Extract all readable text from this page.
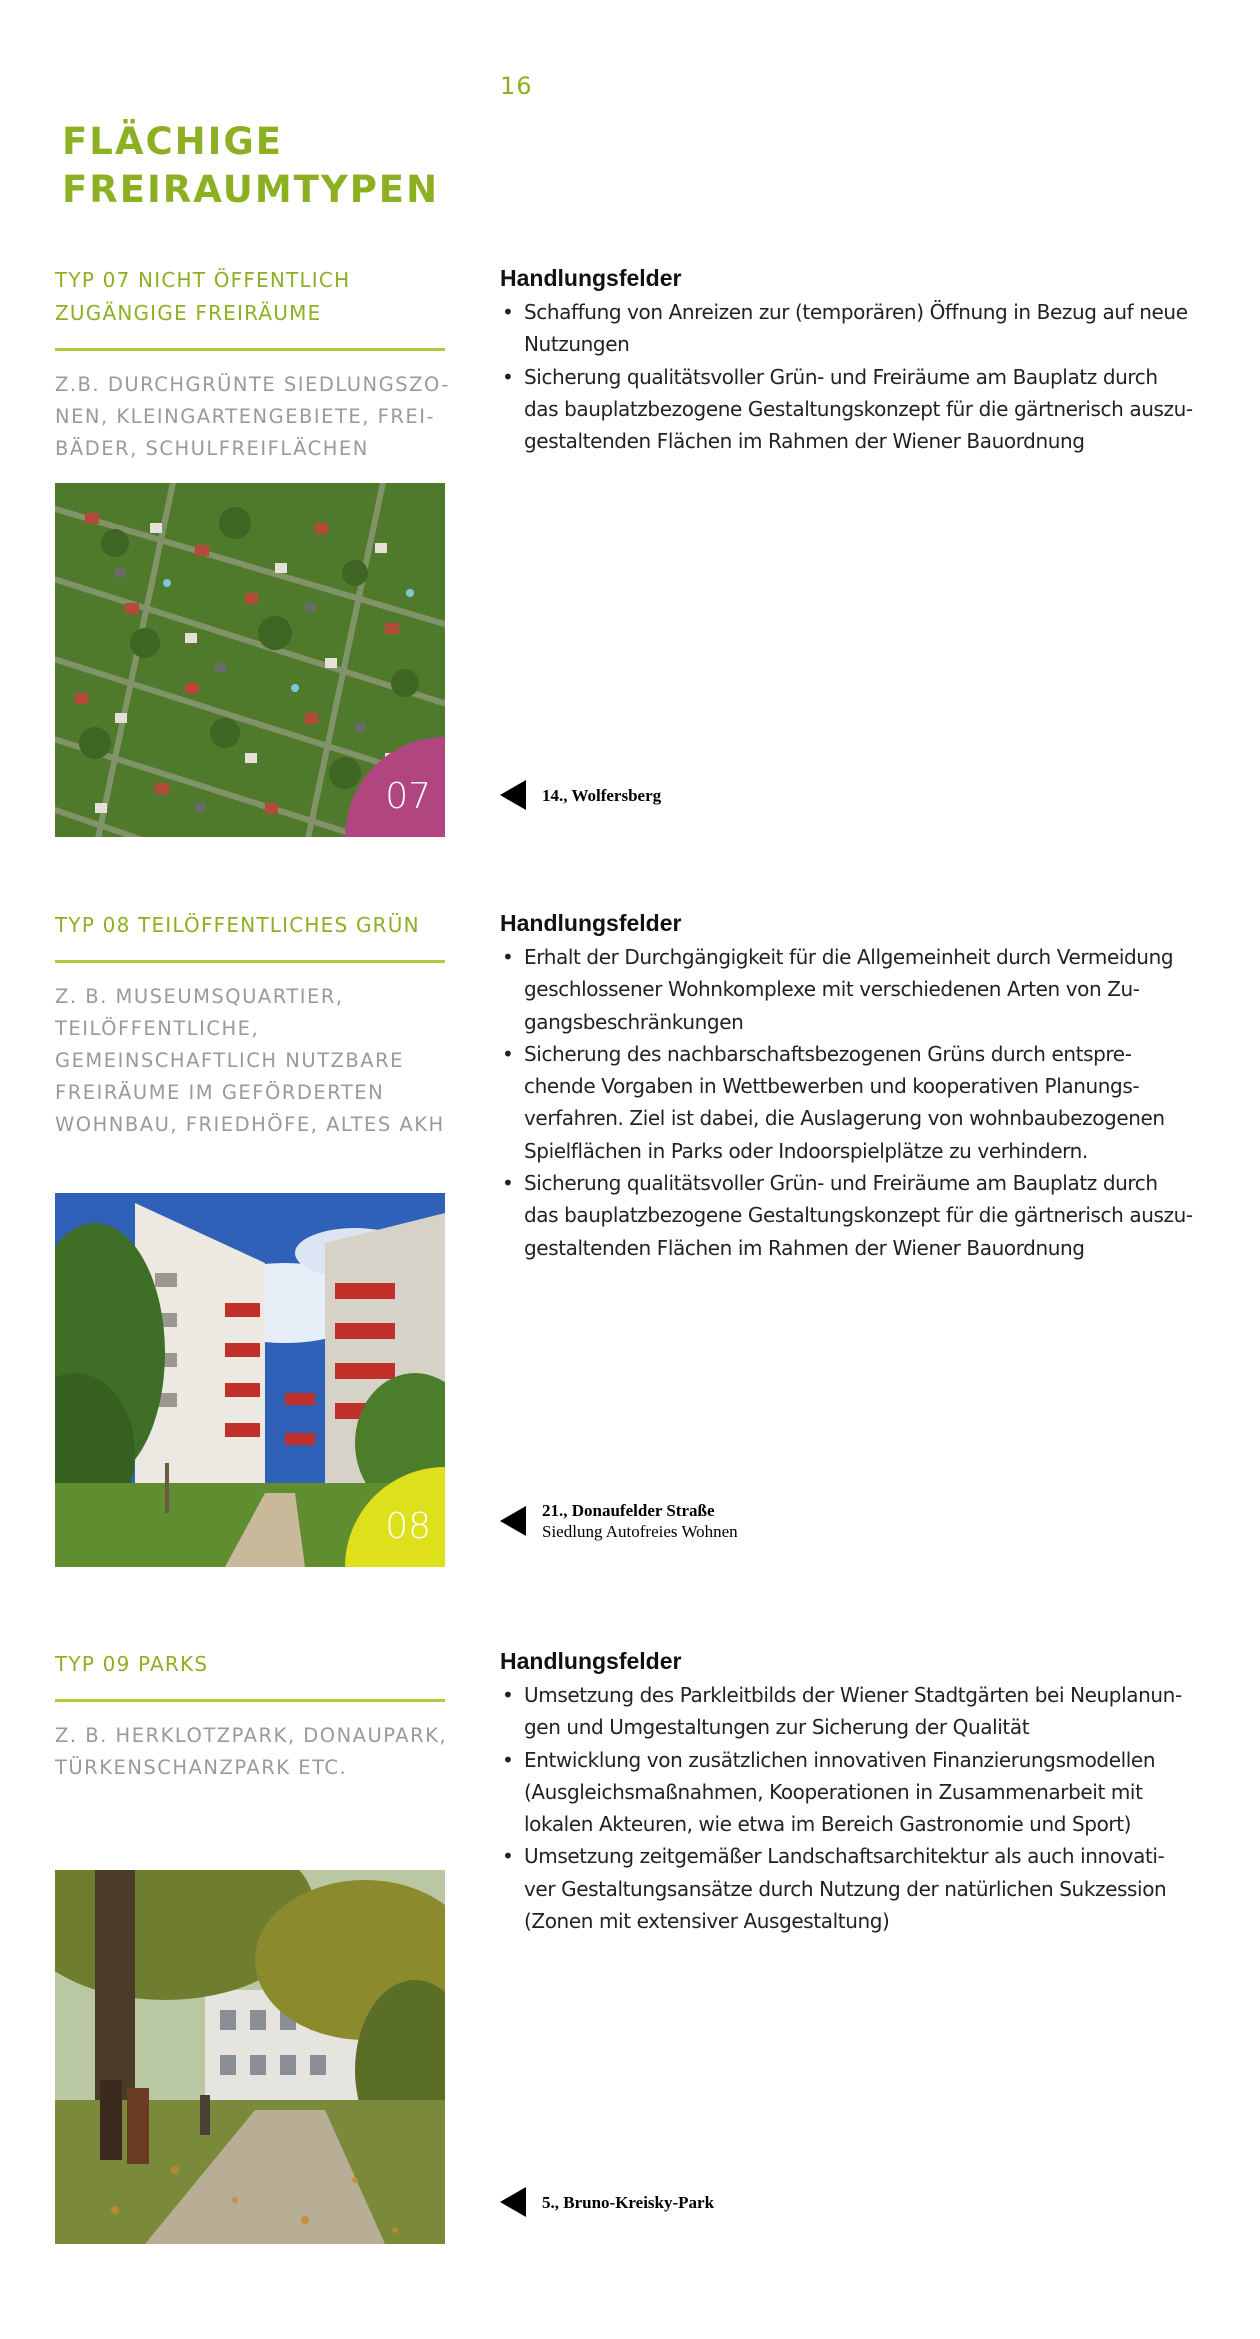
16
FLÄCHIGE
FREIRAUMTYPEN
TYP 07 NICHT ÖFFENTLICH
ZUGÄNGIGE FREIRÄUME
Z.B. DURCHGRÜNTE SIEDLUNGSZO-
NEN, KLEINGARTENGEBIETE, FREI-
BÄDER, SCHULFREIFLÄCHEN
07
Handlungsfelder
• Schaffung von Anreizen zur (temporären) Öffnung in Bezug auf neue
Nutzungen
• Sicherung qualitätsvoller Grün- und Freiräume am Bauplatz durch
das bauplatzbezogene Gestaltungskonzept für die gärtnerisch auszu-
gestaltenden Flächen im Rahmen der Wiener Bauordnung
14., Wolfersberg
TYP 08 TEILÖFFENTLICHES GRÜN
Z. B. MUSEUMSQUARTIER,
TEILÖFFENTLICHE,
GEMEINSCHAFTLICH NUTZBARE
FREIRÄUME IM GEFÖRDERTEN
WOHNBAU, FRIEDHÖFE, ALTES AKH
08
Handlungsfelder
• Erhalt der Durchgängigkeit für die Allgemeinheit durch Vermeidung
geschlossener Wohnkomplexe mit verschiedenen Arten von Zu-
gangsbeschränkungen
• Sicherung des nachbarschaftsbezogenen Grüns durch entspre-
chende Vorgaben in Wettbewerben und kooperativen Planungs-
verfahren. Ziel ist dabei, die Auslagerung von wohnbaubezogenen
Spielflächen in Parks oder Indoorspielplätze zu verhindern.
• Sicherung qualitätsvoller Grün- und Freiräume am Bauplatz durch
das bauplatzbezogene Gestaltungskonzept für die gärtnerisch auszu-
gestaltenden Flächen im Rahmen der Wiener Bauordnung
21., Donaufelder Straße
Siedlung Autofreies Wohnen
TYP 09 PARKS
Z. B. HERKLOTZPARK, DONAUPARK,
TÜRKENSCHANZPARK ETC.
Handlungsfelder
• Umsetzung des Parkleitbilds der Wiener Stadtgärten bei Neuplanun-
gen und Umgestaltungen zur Sicherung der Qualität
• Entwicklung von zusätzlichen innovativen Finanzierungsmodellen
(Ausgleichsmaßnahmen, Kooperationen in Zusammenarbeit mit
lokalen Akteuren, wie etwa im Bereich Gastronomie und Sport)
• Umsetzung zeitgemäßer Landschaftsarchitektur als auch innovati-
ver Gestaltungsansätze durch Nutzung der natürlichen Sukzession
(Zonen mit extensiver Ausgestaltung)
5., Bruno-Kreisky-Park
